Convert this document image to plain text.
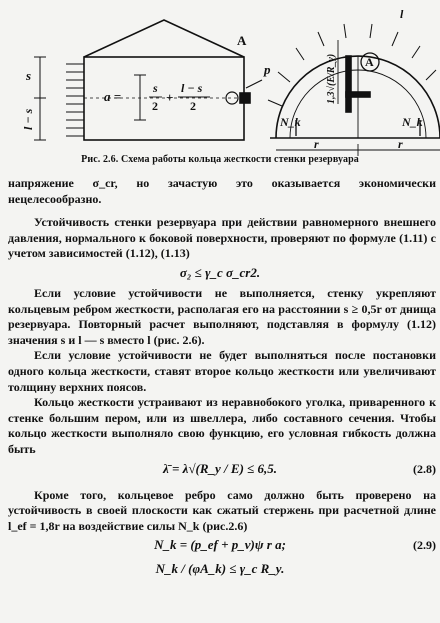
s
l − s
a =
s
2
+
l − s
2
A
p
l
A
1,3√(E/R_y)
N_k	N_k
r	r
Рис. 2.6. Схема работы кольца жесткости стенки резервуара

напряжение σ_cr, но зачастую это оказывается экономически нецелесообразно.

Устойчивость стенки резервуара при действии равномерного внешнего давления, нормального к боковой поверхности, проверяют по формуле (1.11) с учетом зависимостей (1.12), (1.13)

σ₂ ≤ γ_c σ_cr2.

Если условие устойчивости не выполняется, стенку укрепляют кольцевым ребром жесткости, располагая его на расстоянии s ≥ 0,5r от днища резервуара. Повторный расчет выполняют, подставляя в формулу (1.12) значения s и l — s вместо l (рис. 2.6).

Если условие устойчивости не будет выполняться после постановки одного кольца жесткости, ставят второе кольцо жесткости или увеличивают толщину верхних поясов.

Кольцо жесткости устраивают из неравнобокого уголка, приваренного к стенке большим пером, или из швеллера, либо составного сечения. Чтобы кольцо жесткости выполняло свою функцию, его условная гибкость должна быть

λ̄ = λ√(R_y / E) ≤ 6,5.	(2.8)

Кроме того, кольцевое ребро само должно быть проверено на устойчивость в своей плоскости как сжатый стержень при расчетной длине l_ef = 1,8r на воздействие силы N_k (рис.2.6)

N_k = (p_ef + p_v)ψ r a;	(2.9)
N_k / (φA_k) ≤ γ_c R_y.
